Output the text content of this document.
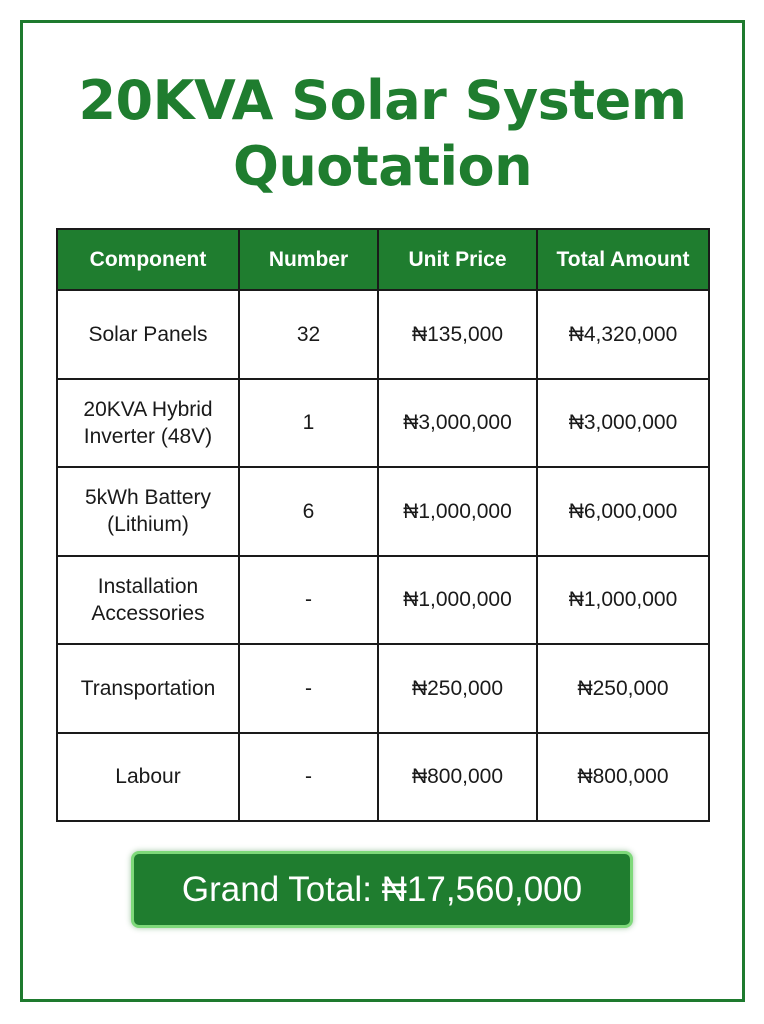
20KVA Solar System
Quotation
Component	Number	Unit Price	Total Amount
Solar Panels	32	₦135,000	₦4,320,000
20KVA Hybrid Inverter (48V)	1	₦3,000,000	₦3,000,000
5kWh Battery (Lithium)	6	₦1,000,000	₦6,000,000
Installation Accessories	-	₦1,000,000	₦1,000,000
Transportation	-	₦250,000	₦250,000
Labour	-	₦800,000	₦800,000
Grand Total: ₦17,560,000
